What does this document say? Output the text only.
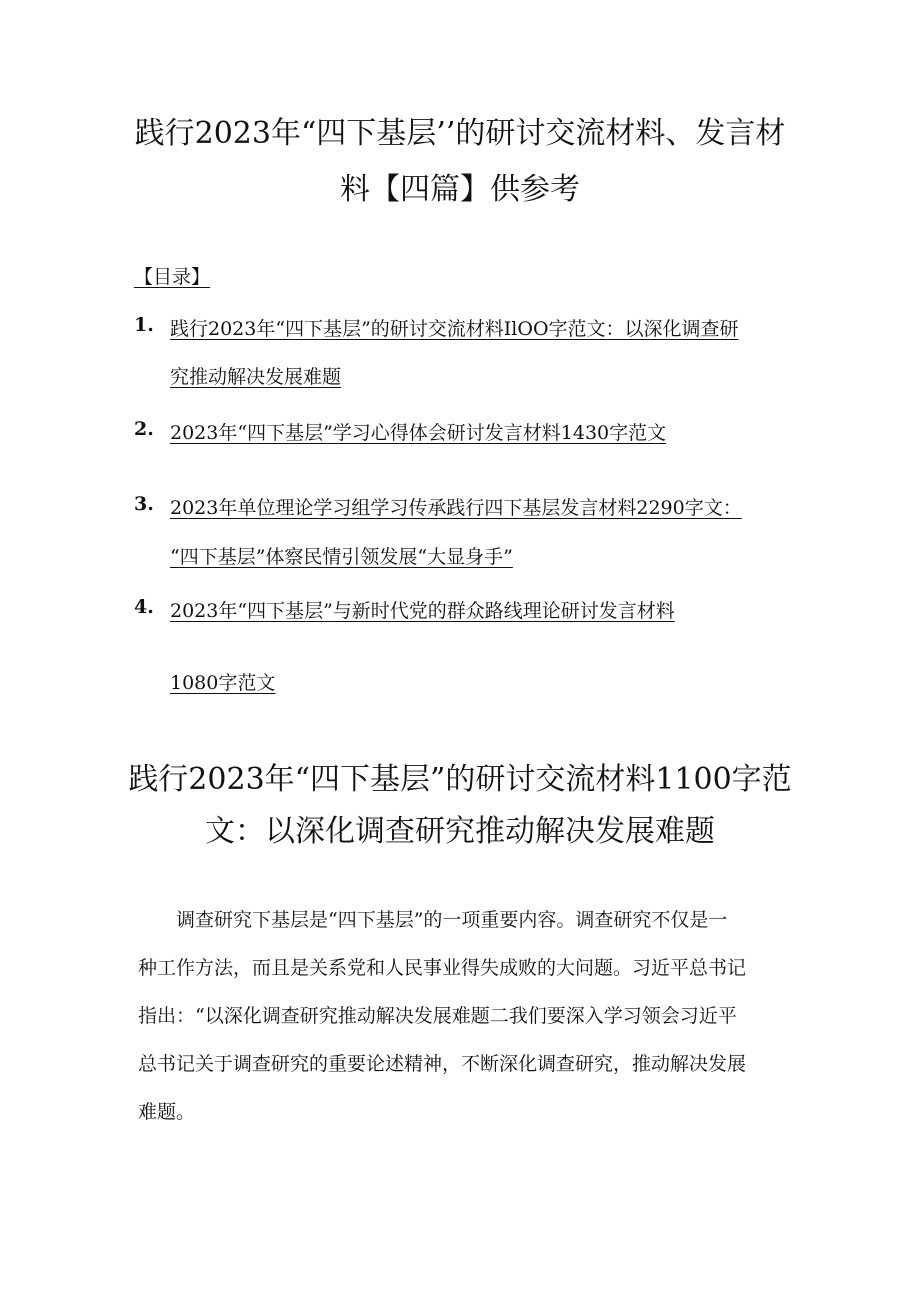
践行2023年“四下基层’’的研讨交流材料、发言材
料【四篇】供参考
【目录】
1. 践行2023年“四下基层”的研讨交流材料IlOO字范文：以深化调查研
究推动解决发展难题
2. 2023年“四下基层”学习心得体会研讨发言材料1430字范文
3. 2023年单位理论学习组学习传承践行四下基层发言材料2290字文：
“四下基层”体察民情引领发展“大显身手”
4. 2023年“四下基层”与新时代党的群众路线理论研讨发言材料
1080字范文
践行2023年“四下基层”的研讨交流材料1100字范
文：以深化调查研究推动解决发展难题
　　调查研究下基层是“四下基层”的一项重要内容。调查研究不仅是一
种工作方法，而且是关系党和人民事业得失成败的大问题。习近平总书记
指出：“以深化调查研究推动解决发展难题二我们要深入学习领会习近平
总书记关于调查研究的重要论述精神，不断深化调查研究，推动解决发展
难题。
